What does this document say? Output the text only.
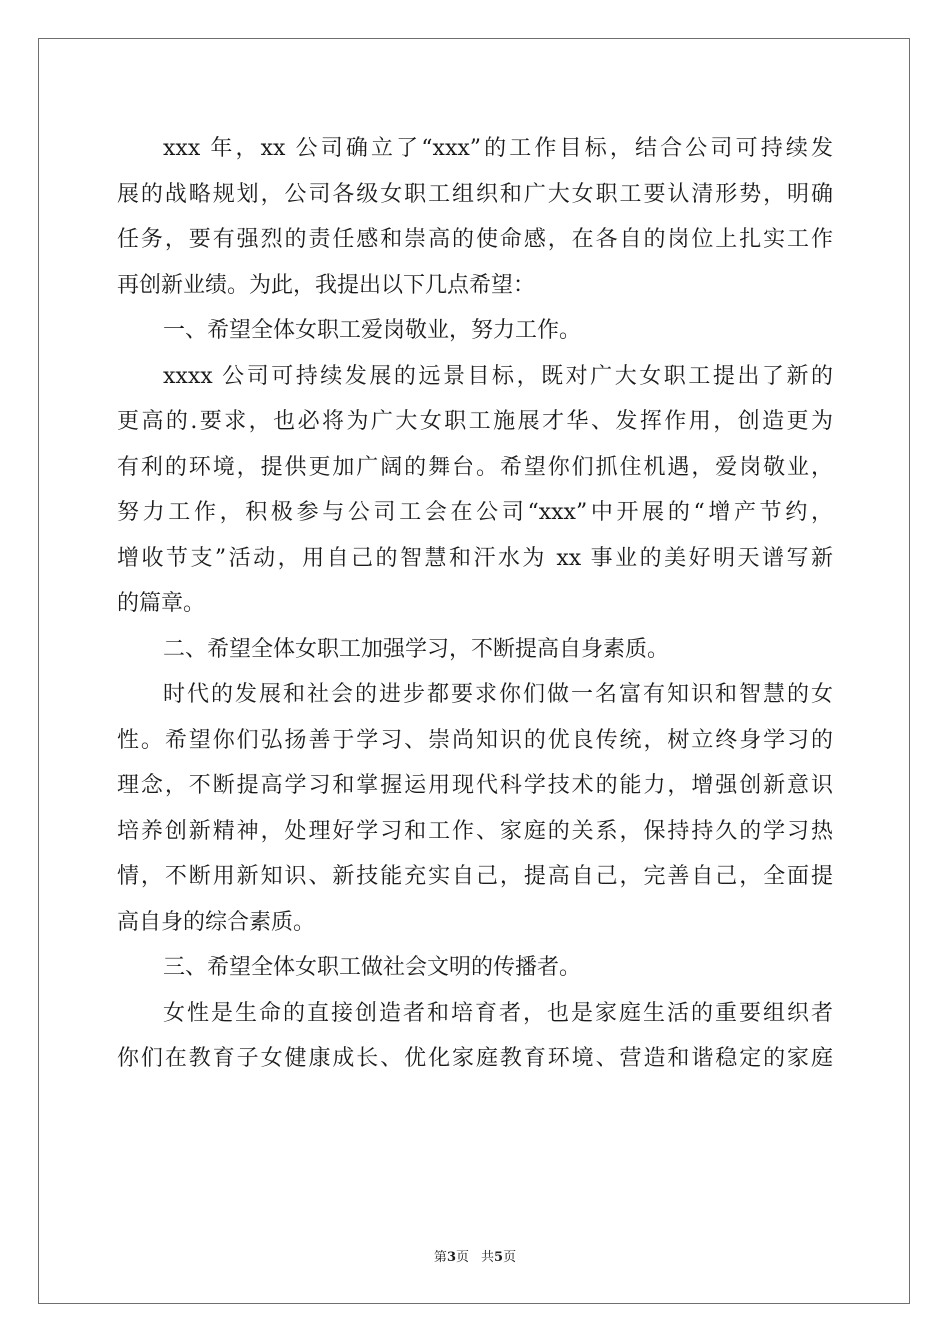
xxx 年，xx 公司确立了“xxx”的工作目标，结合公司可持续发
展的战略规划，公司各级女职工组织和广大女职工要认清形势，明确
任务，要有强烈的责任感和崇高的使命感，在各自的岗位上扎实工作
再创新业绩。为此，我提出以下几点希望：
一、希望全体女职工爱岗敬业，努力工作。
xxxx 公司可持续发展的远景目标，既对广大女职工提出了新的
更高的.要求，也必将为广大女职工施展才华、发挥作用，创造更为
有利的环境，提供更加广阔的舞台。希望你们抓住机遇，爱岗敬业，
努力工作，积极参与公司工会在公司“xxx”中开展的“增产节约，
增收节支”活动，用自己的智慧和汗水为 xx 事业的美好明天谱写新
的篇章。
二、希望全体女职工加强学习，不断提高自身素质。
时代的发展和社会的进步都要求你们做一名富有知识和智慧的女
性。希望你们弘扬善于学习、崇尚知识的优良传统，树立终身学习的
理念，不断提高学习和掌握运用现代科学技术的能力，增强创新意识
培养创新精神，处理好学习和工作、家庭的关系，保持持久的学习热
情，不断用新知识、新技能充实自己，提高自己，完善自己，全面提
高自身的综合素质。
三、希望全体女职工做社会文明的传播者。
女性是生命的直接创造者和培育者，也是家庭生活的重要组织者
你们在教育子女健康成长、优化家庭教育环境、营造和谐稳定的家庭
第3页 共5页
